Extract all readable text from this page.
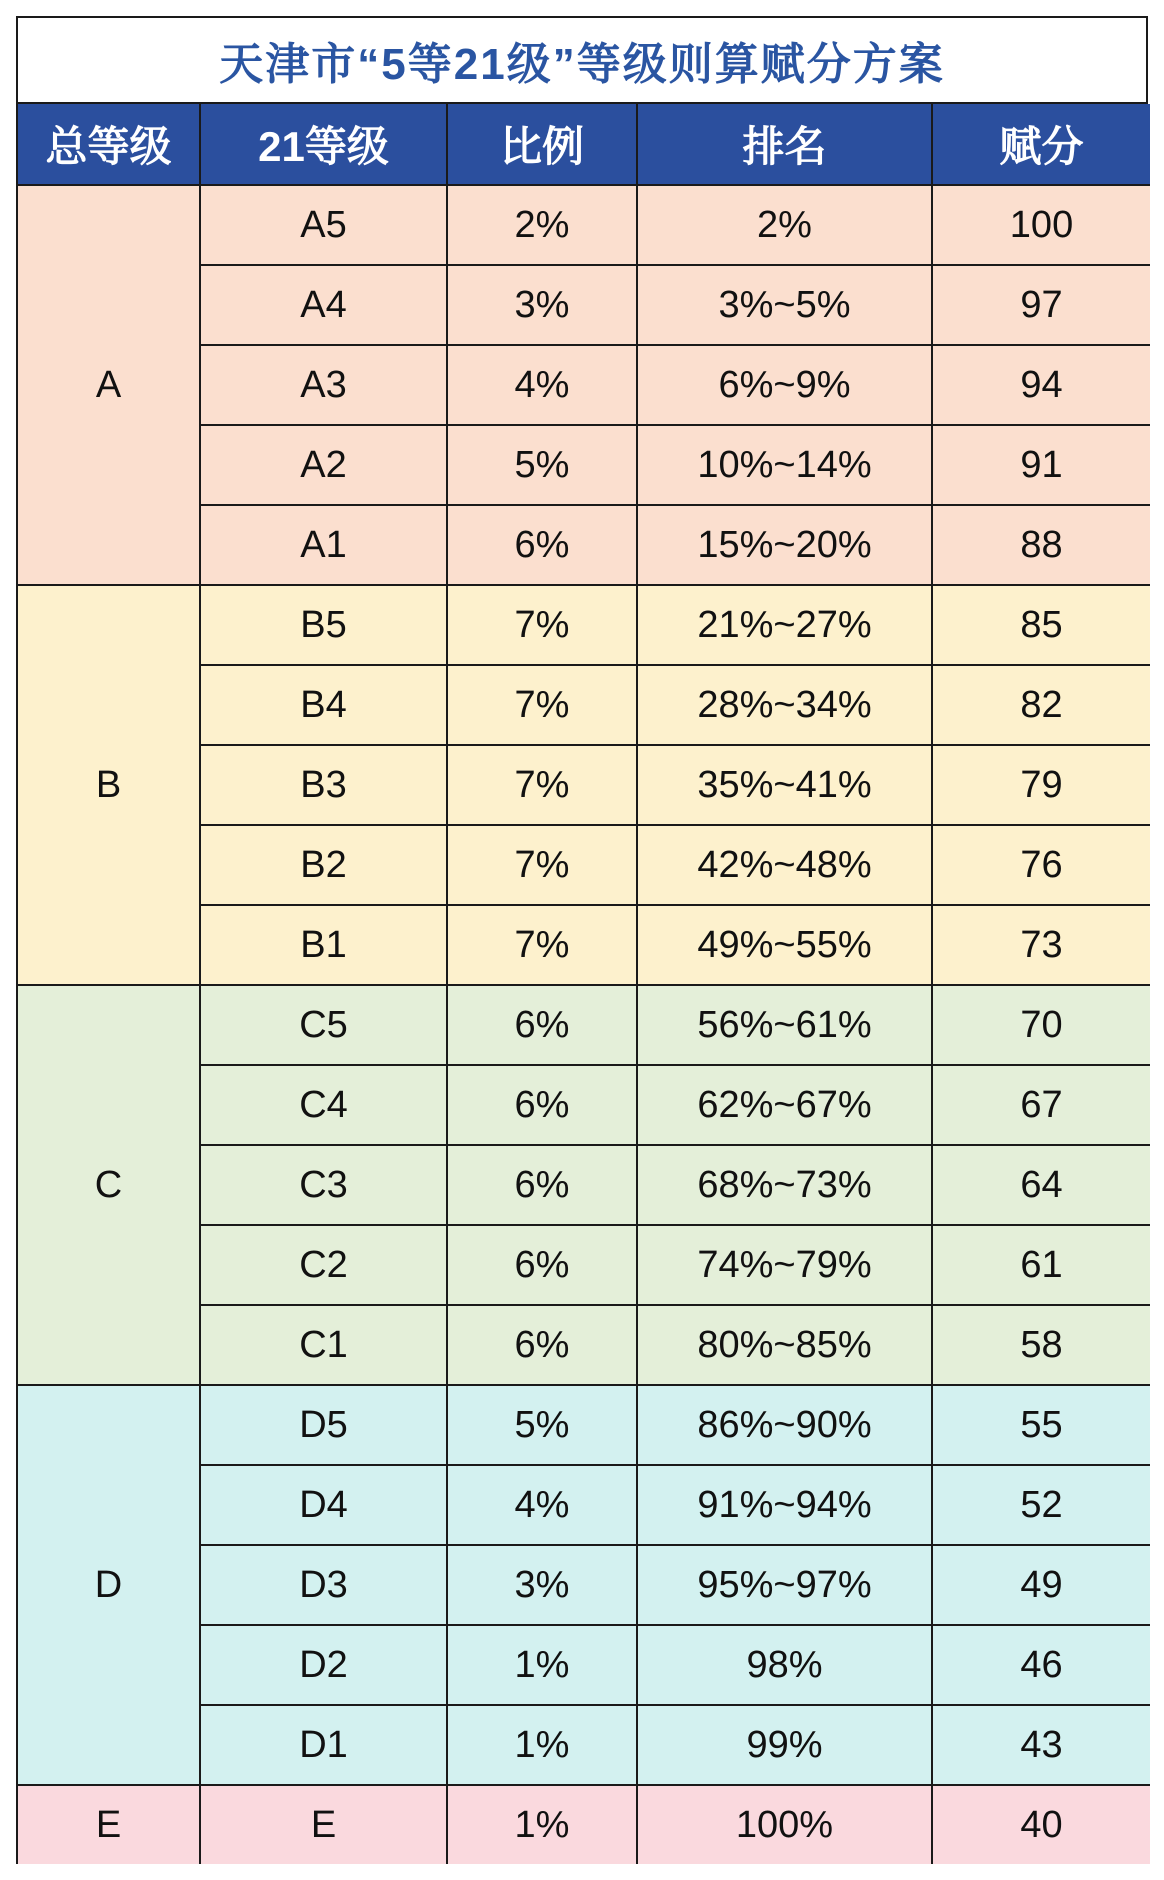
天津市“5等21级”等级则算赋分方案
总等级	21等级	比例	排名	赋分
A	A5	2%	2%	100
	A4	3%	3%~5%	97
	A3	4%	6%~9%	94
	A2	5%	10%~14%	91
	A1	6%	15%~20%	88
B	B5	7%	21%~27%	85
	B4	7%	28%~34%	82
	B3	7%	35%~41%	79
	B2	7%	42%~48%	76
	B1	7%	49%~55%	73
C	C5	6%	56%~61%	70
	C4	6%	62%~67%	67
	C3	6%	68%~73%	64
	C2	6%	74%~79%	61
	C1	6%	80%~85%	58
D	D5	5%	86%~90%	55
	D4	4%	91%~94%	52
	D3	3%	95%~97%	49
	D2	1%	98%	46
	D1	1%	99%	43
E	E	1%	100%	40
